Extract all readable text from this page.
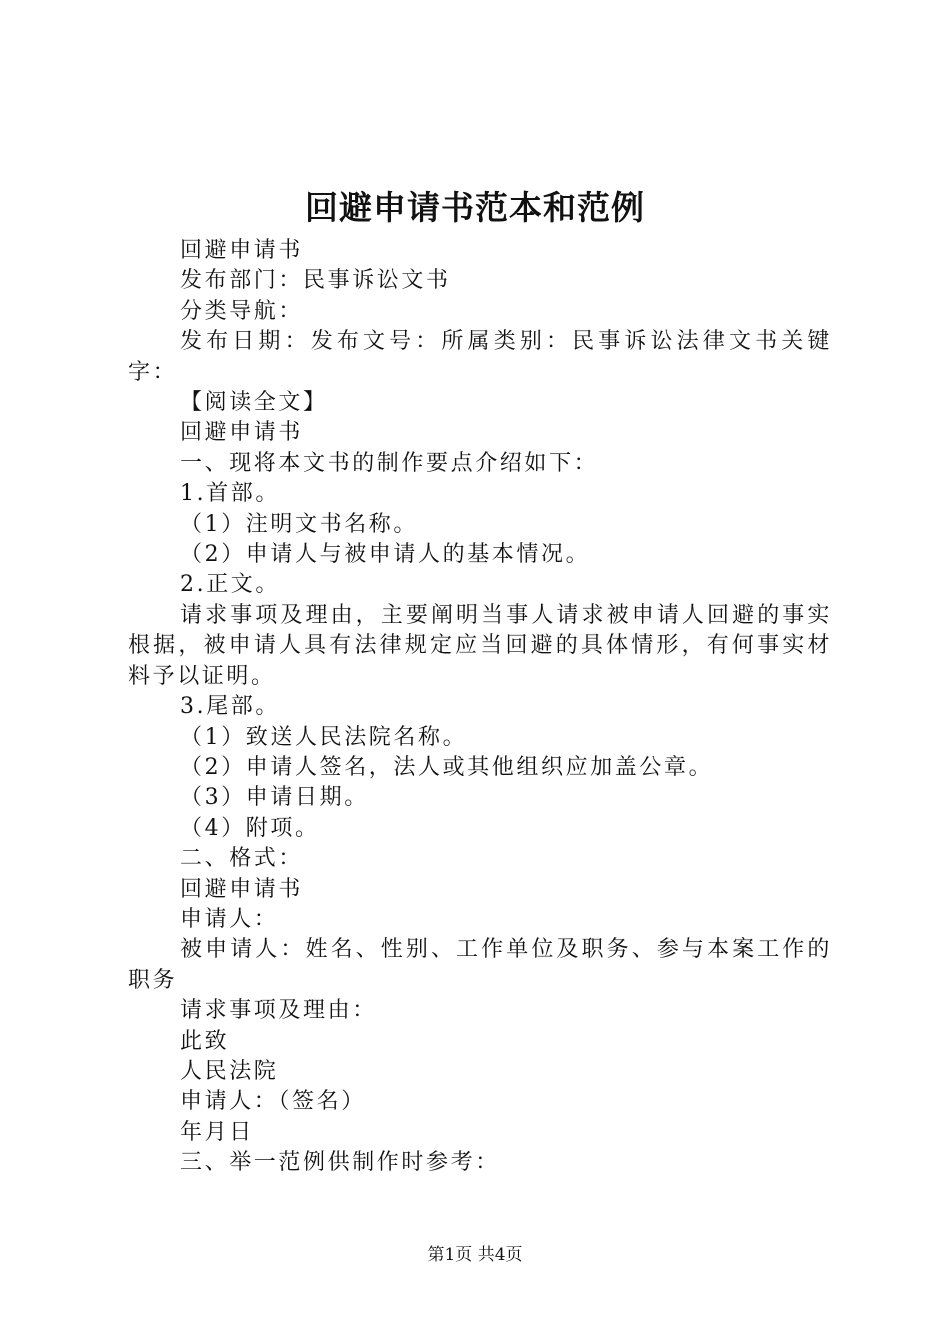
回避申请书范本和范例

回避申请书

发布部门：民事诉讼文书

分类导航：

发布日期：发布文号：所属类别：民事诉讼法律文书关键字：

【阅读全文】

回避申请书

一、现将本文书的制作要点介绍如下：

1.首部。

（1）注明文书名称。

（2）申请人与被申请人的基本情况。

2.正文。

请求事项及理由，主要阐明当事人请求被申请人回避的事实根据，被申请人具有法律规定应当回避的具体情形，有何事实材料予以证明。

3.尾部。

（1）致送人民法院名称。

（2）申请人签名，法人或其他组织应加盖公章。

（3）申请日期。

（4）附项。

二、格式：

回避申请书

申请人：

被申请人：姓名、性别、工作单位及职务、参与本案工作的职务

请求事项及理由：

此致

人民法院

申请人：（签名）

年月日

三、举一范例供制作时参考：

第1页 共4页
